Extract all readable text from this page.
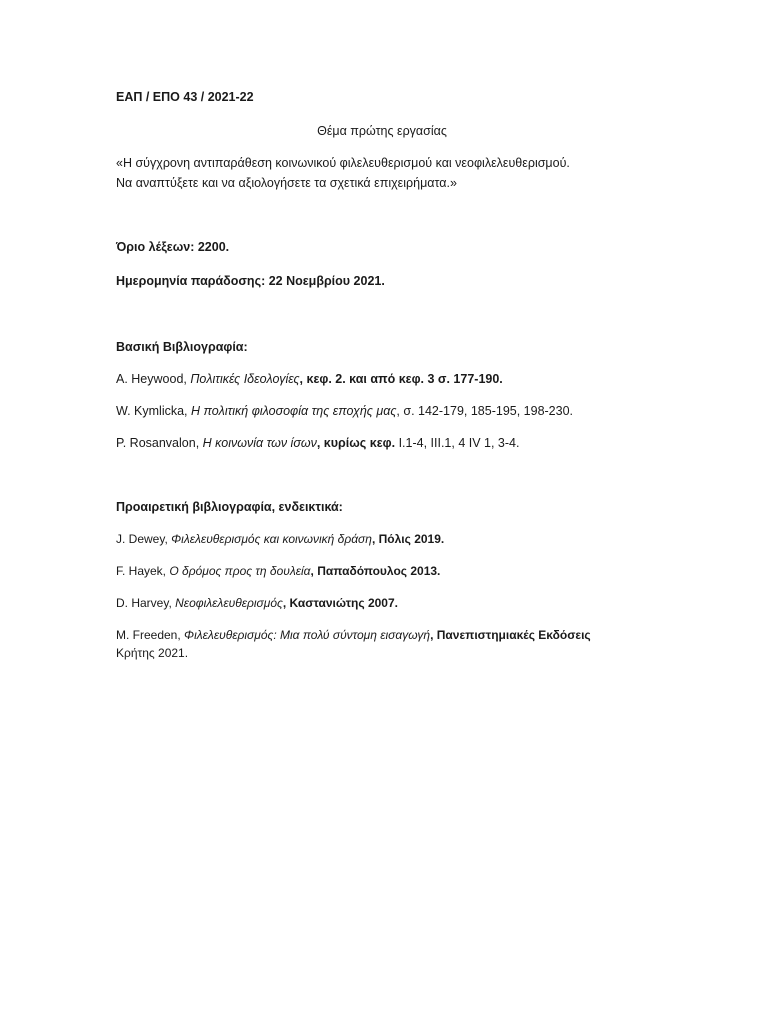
ΕΑΠ / ΕΠΟ 43 / 2021-22
Θέμα πρώτης εργασίας
«Η σύγχρονη αντιπαράθεση κοινωνικού φιλελευθερισμού και νεοφιλελευθερισμού.
Να αναπτύξετε και να αξιολογήσετε τα σχετικά επιχειρήματα.»
Όριο λέξεων: 2200.
Ημερομηνία παράδοσης: 22 Νοεμβρίου 2021.
Βασική Βιβλιογραφία:
A. Heywood, Πολιτικές Ιδεολογίες, κεφ. 2. και από κεφ. 3 σ. 177-190.
W. Kymlicka, Η πολιτική φιλοσοφία της εποχής μας, σ. 142-179, 185-195, 198-230.
P. Rosanvalon, Η κοινωνία των ίσων, κυρίως κεφ. Ι.1-4, ΙΙΙ.1, 4 IV 1, 3-4.
Προαιρετική βιβλιογραφία, ενδεικτικά:
J. Dewey, Φιλελευθερισμός και κοινωνική δράση, Πόλις 2019.
F. Hayek, Ο δρόμος προς τη δουλεία, Παπαδόπουλος 2013.
D. Harvey, Νεοφιλελευθερισμός, Καστανιώτης 2007.
M. Freeden, Φιλελευθερισμός: Μια πολύ σύντομη εισαγωγή, Πανεπιστημιακές Εκδόσεις
Κρήτης 2021.
